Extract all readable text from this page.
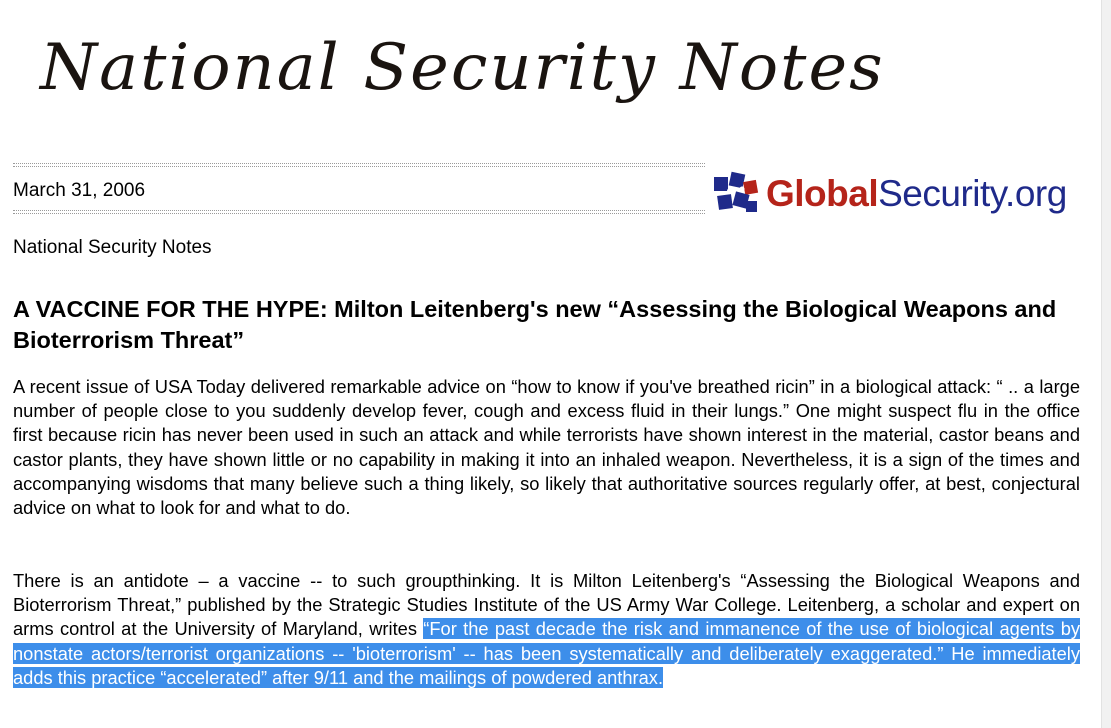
National Security Notes
March 31, 2006	GlobalSecurity.org
National Security Notes
A VACCINE FOR THE HYPE: Milton Leitenberg's new “Assessing the Biological Weapons and Bioterrorism Threat”

A recent issue of USA Today delivered remarkable advice on “how to know if you've breathed ricin” in a biological attack: “ .. a large number of people close to you suddenly develop fever, cough and excess fluid in their lungs.” One might suspect flu in the office first because ricin has never been used in such an attack and while terrorists have shown interest in the material, castor beans and castor plants, they have shown little or no capability in making it into an inhaled weapon. Nevertheless, it is a sign of the times and accompanying wisdoms that many believe such a thing likely, so likely that authoritative sources regularly offer, at best, conjectural advice on what to look for and what to do.

There is an antidote – a vaccine -- to such groupthinking. It is Milton Leitenberg's “Assessing the Biological Weapons and Bioterrorism Threat,” published by the Strategic Studies Institute of the US Army War College. Leitenberg, a scholar and expert on arms control at the University of Maryland, writes “For the past decade the risk and immanence of the use of biological agents by nonstate actors/terrorist organizations -- 'bioterrorism' -- has been systematically and deliberately exaggerated.” He immediately adds this practice “accelerated” after 9/11 and the mailings of powdered anthrax.
